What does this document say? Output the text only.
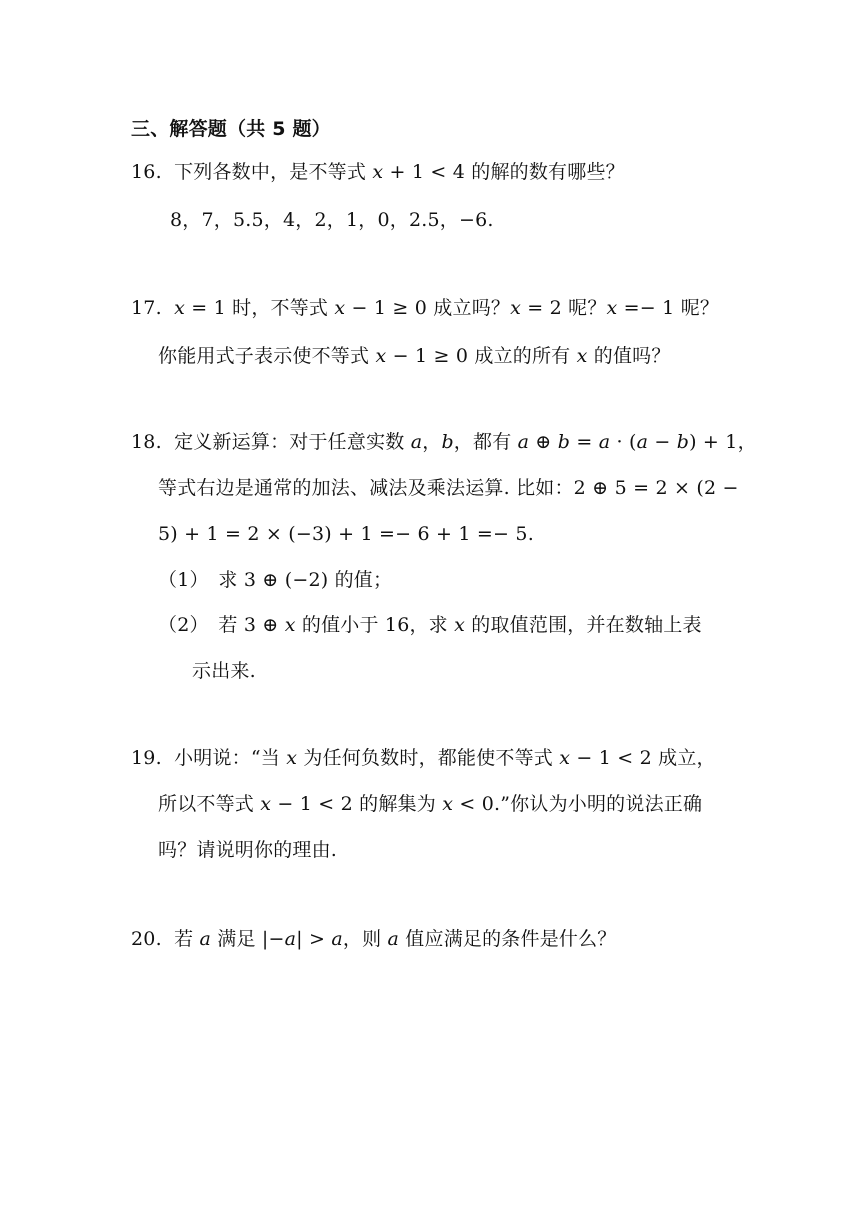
三、解答题（共 5 题）
16. 下列各数中，是不等式 𝑥 + 1 < 4 的解的数有哪些？
8，7，5.5，4，2，1，0，2.5，−6.
17. 𝑥 = 1 时，不等式 𝑥 − 1 ≥ 0 成立吗？𝑥 = 2 呢？𝑥 =− 1 呢？
你能用式子表示使不等式 𝑥 − 1 ≥ 0 成立的所有 𝑥 的值吗？
18. 定义新运算：对于任意实数 𝑎，𝑏，都有 𝑎 ⊕ 𝑏 = 𝑎 · (𝑎 − 𝑏) + 1，
等式右边是通常的加法、减法及乘法运算. 比如：2 ⊕ 5 = 2 × (2 −
5) + 1 = 2 × (−3) + 1 =− 6 + 1 =− 5.
（1）　求 3 ⊕ (−2) 的值；
（2）　若 3 ⊕ 𝑥 的值小于 16，求 𝑥 的取值范围，并在数轴上表
示出来.
19. 小明说：“当 𝑥 为任何负数时，都能使不等式 𝑥 − 1 < 2 成立，
所以不等式 𝑥 − 1 < 2 的解集为 𝑥 < 0.”你认为小明的说法正确
吗？请说明你的理由.
20. 若 𝑎 满足 |−𝑎| > 𝑎，则 𝑎 值应满足的条件是什么？
